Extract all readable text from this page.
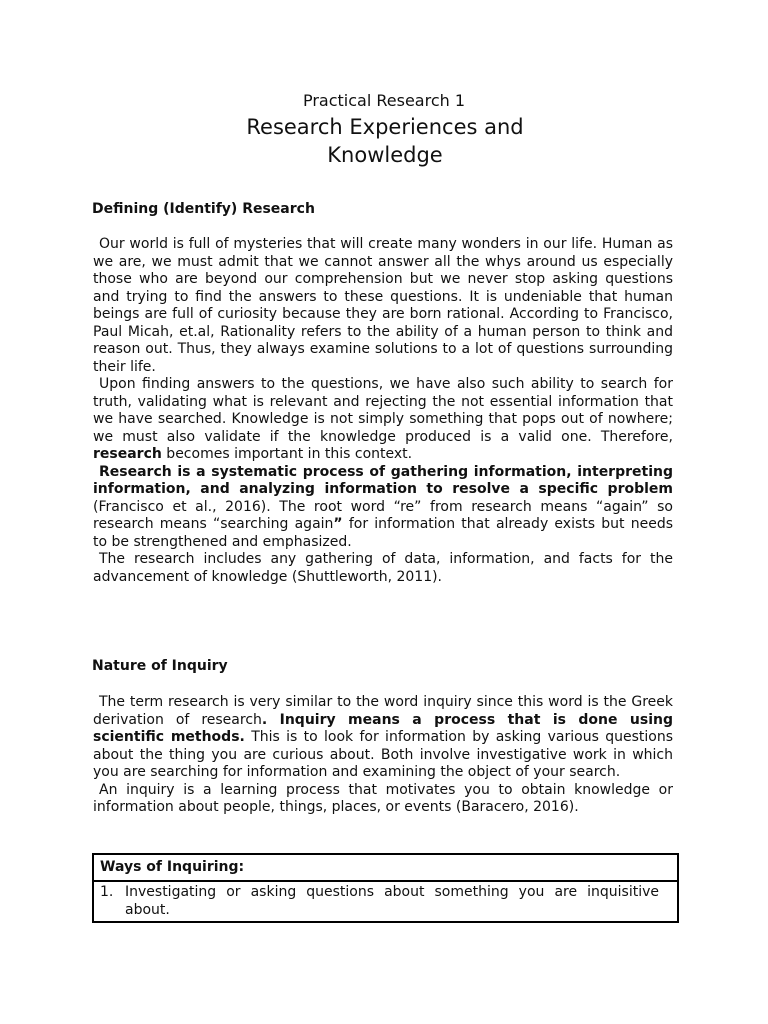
Practical Research 1
Research Experiences and Knowledge
Defining (Identify) Research

Our world is full of mysteries that will create many wonders in our life. Human as we are, we must admit that we cannot answer all the whys around us especially those who are beyond our comprehension but we never stop asking questions and trying to find the answers to these questions. It is undeniable that human beings are full of curiosity because they are born rational. According to Francisco, Paul Micah, et.al, Rationality refers to the ability of a human person to think and reason out. Thus, they always examine solutions to a lot of questions surrounding their life.

Upon finding answers to the questions, we have also such ability to search for truth, validating what is relevant and rejecting the not essential information that we have searched. Knowledge is not simply something that pops out of nowhere; we must also validate if the knowledge produced is a valid one. Therefore, research becomes important in this context.

Research is a systematic process of gathering information, interpreting information, and analyzing information to resolve a specific problem (Francisco et al., 2016). The root word “re” from research means “again” so research means “searching again” for information that already exists but needs to be strengthened and emphasized.

The research includes any gathering of data, information, and facts for the advancement of knowledge (Shuttleworth, 2011).

Nature of Inquiry

The term research is very similar to the word inquiry since this word is the Greek derivation of research. Inquiry means a process that is done using scientific methods. This is to look for information by asking various questions about the thing you are curious about. Both involve investigative work in which you are searching for information and examining the object of your search.

An inquiry is a learning process that motivates you to obtain knowledge or information about people, things, places, or events (Baracero, 2016).

Ways of Inquiring:
1. Investigating or asking questions about something you are inquisitive about.
